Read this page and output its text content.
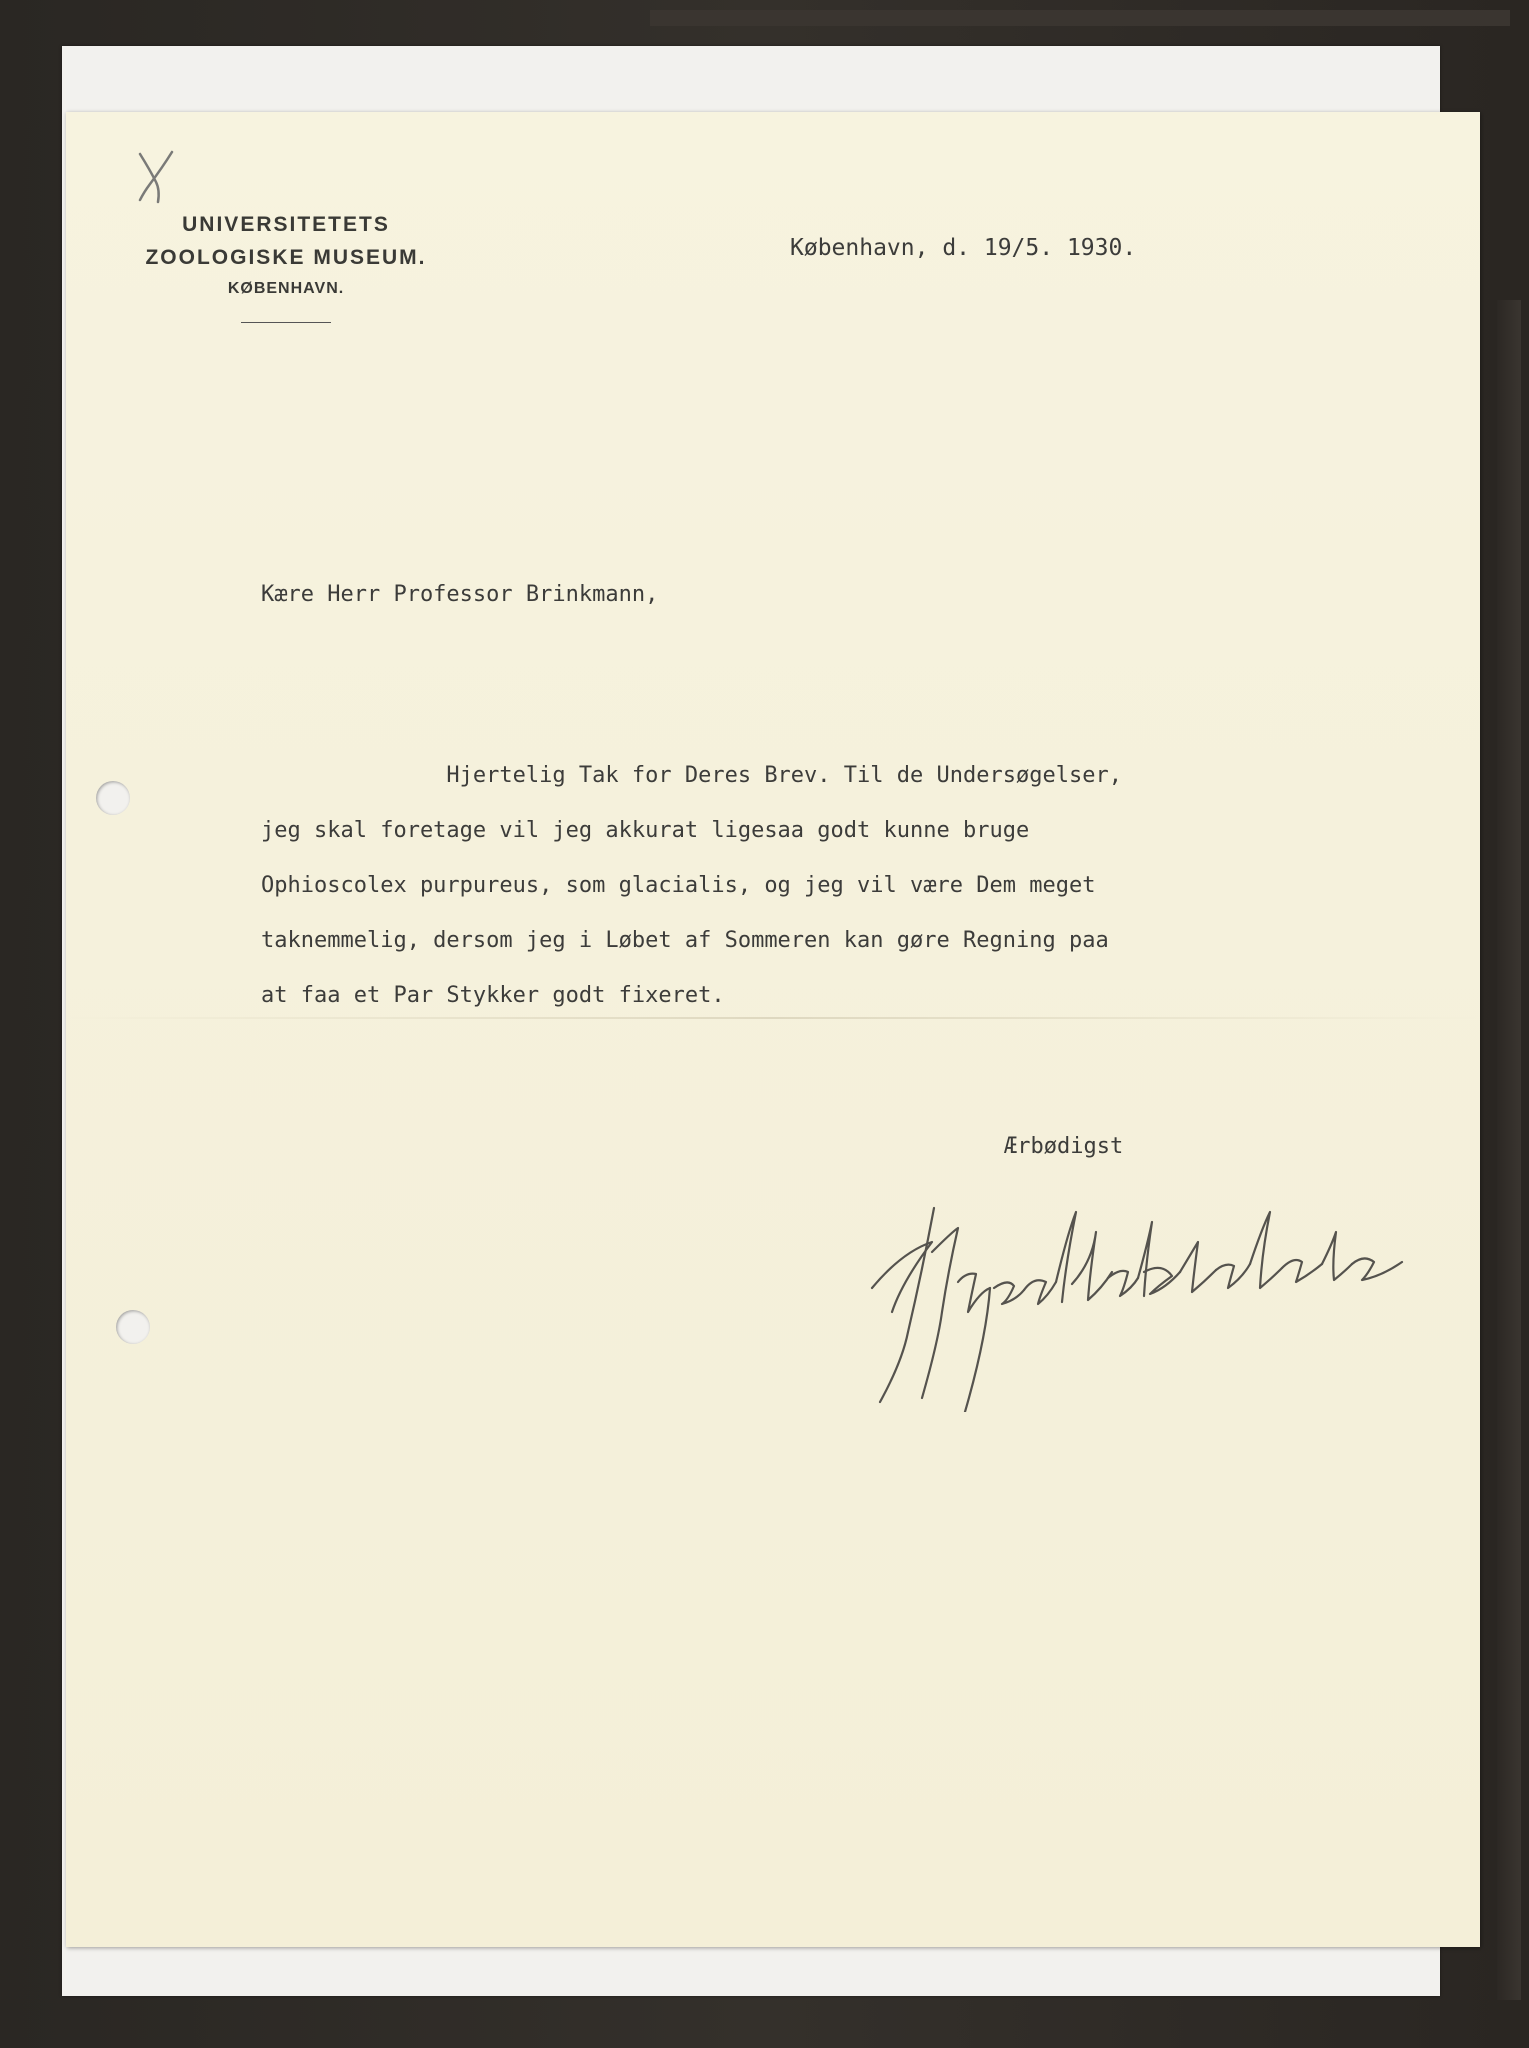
X
UNIVERSITETETS
ZOOLOGISKE MUSEUM.
KØBENHAVN.
København, d. 19/5. 1930.
Kære Herr Professor Brinkmann,
Hjertelig Tak for Deres Brev. Til de Undersøgelser,
jeg skal foretage vil jeg akkurat ligesaa godt kunne bruge
Ophioscolex purpureus, som glacialis, og jeg vil være Dem meget
taknemmelig, dersom jeg i Løbet af Sommeren kan gøre Regning paa
at faa et Par Stykker godt fixeret.
Ærbødigst
